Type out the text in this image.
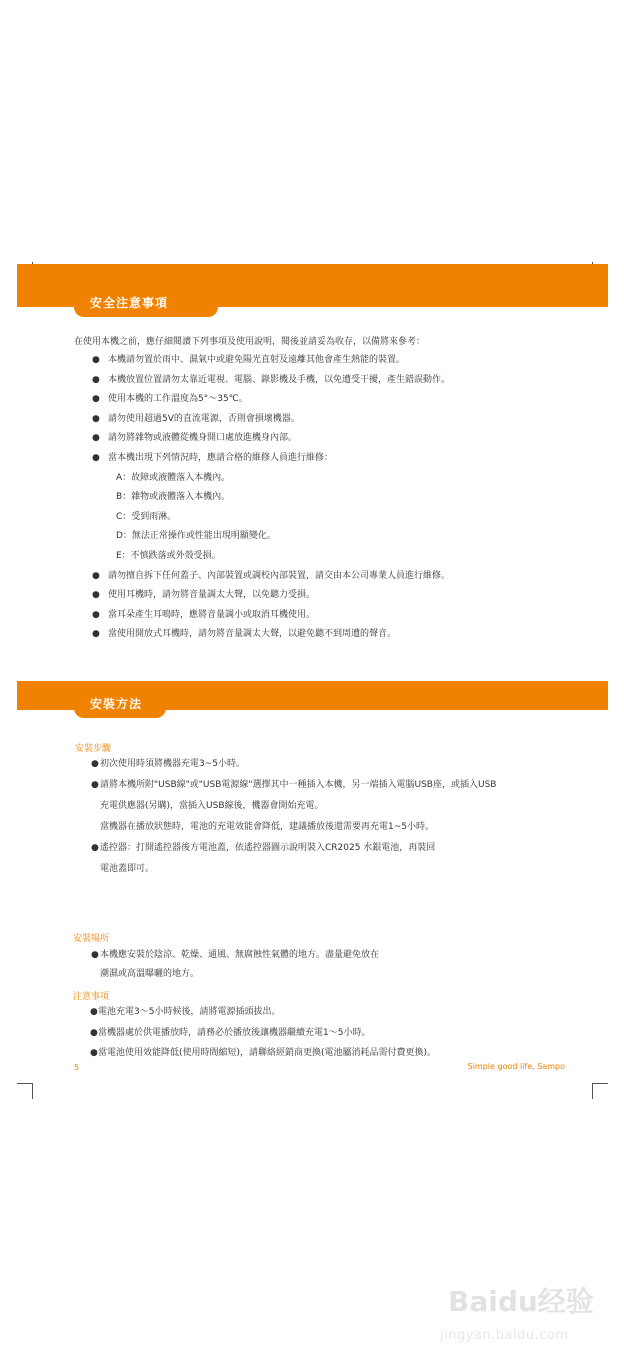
安全注意事項
在使用本機之前，應仔細閱讀下列事項及使用說明，閱後並請妥為收存，以備將來參考：
● 本機請勿置於雨中、濕氣中或避免陽光直射及遠離其他會產生熱能的裝置。
● 本機放置位置請勿太靠近電視、電腦、錄影機及手機，以免遭受干擾，產生錯誤動作。
● 使用本機的工作溫度為5°～35℃。
● 請勿使用超過5V的直流電源，否則會損壞機器。
● 請勿將雜物或液體從機身開口處放進機身內部。
● 當本機出現下列情況時，應請合格的維修人員進行維修：
A：故障或液體落入本機內。
B：雜物或液體落入本機內。
C：受到雨淋。
D：無法正常操作或性能出現明顯變化。
E：不慎跌落或外殼受損。
● 請勿擅自拆下任何蓋子、內部裝置或調校內部裝置，請交由本公司專業人員進行維修。
● 使用耳機時，請勿將音量調太大聲，以免聽力受損。
● 當耳朵產生耳鳴時，應將音量調小或取消耳機使用。
● 當使用開放式耳機時，請勿將音量調太大聲，以避免聽不到周遭的聲音。
安裝方法
安裝步驟
● 初次使用時須將機器充電3~5小時。
● 請將本機所附"USB線"或"USB電源線"選擇其中一種插入本機，另一端插入電腦USB座，或插入USB
充電供應器(另購)，當插入USB線後，機器會開始充電。
當機器在播放狀態時，電池的充電效能會降低，建議播放後還需要再充電1~5小時。
● 遙控器：打開遙控器後方電池蓋，依遙控器圖示說明裝入CR2025 水銀電池，再裝回
電池蓋即可。
安裝場所
● 本機應安裝於陰涼、乾燥、通風、無腐蝕性氣體的地方。盡量避免放在
潮濕或高溫曝曬的地方。
注意事項
● 電池充電3～5小時候後，請將電源插頭拔出。
● 當機器處於供電播放時，請務必於播放後讓機器繼續充電1～5小時。
● 當電池使用效能降低(使用時間縮短)，請聯絡經銷商更換(電池屬消耗品需付費更換)。
5	Simple good life, Sampo
Baidu经验
jingyan.baidu.com
